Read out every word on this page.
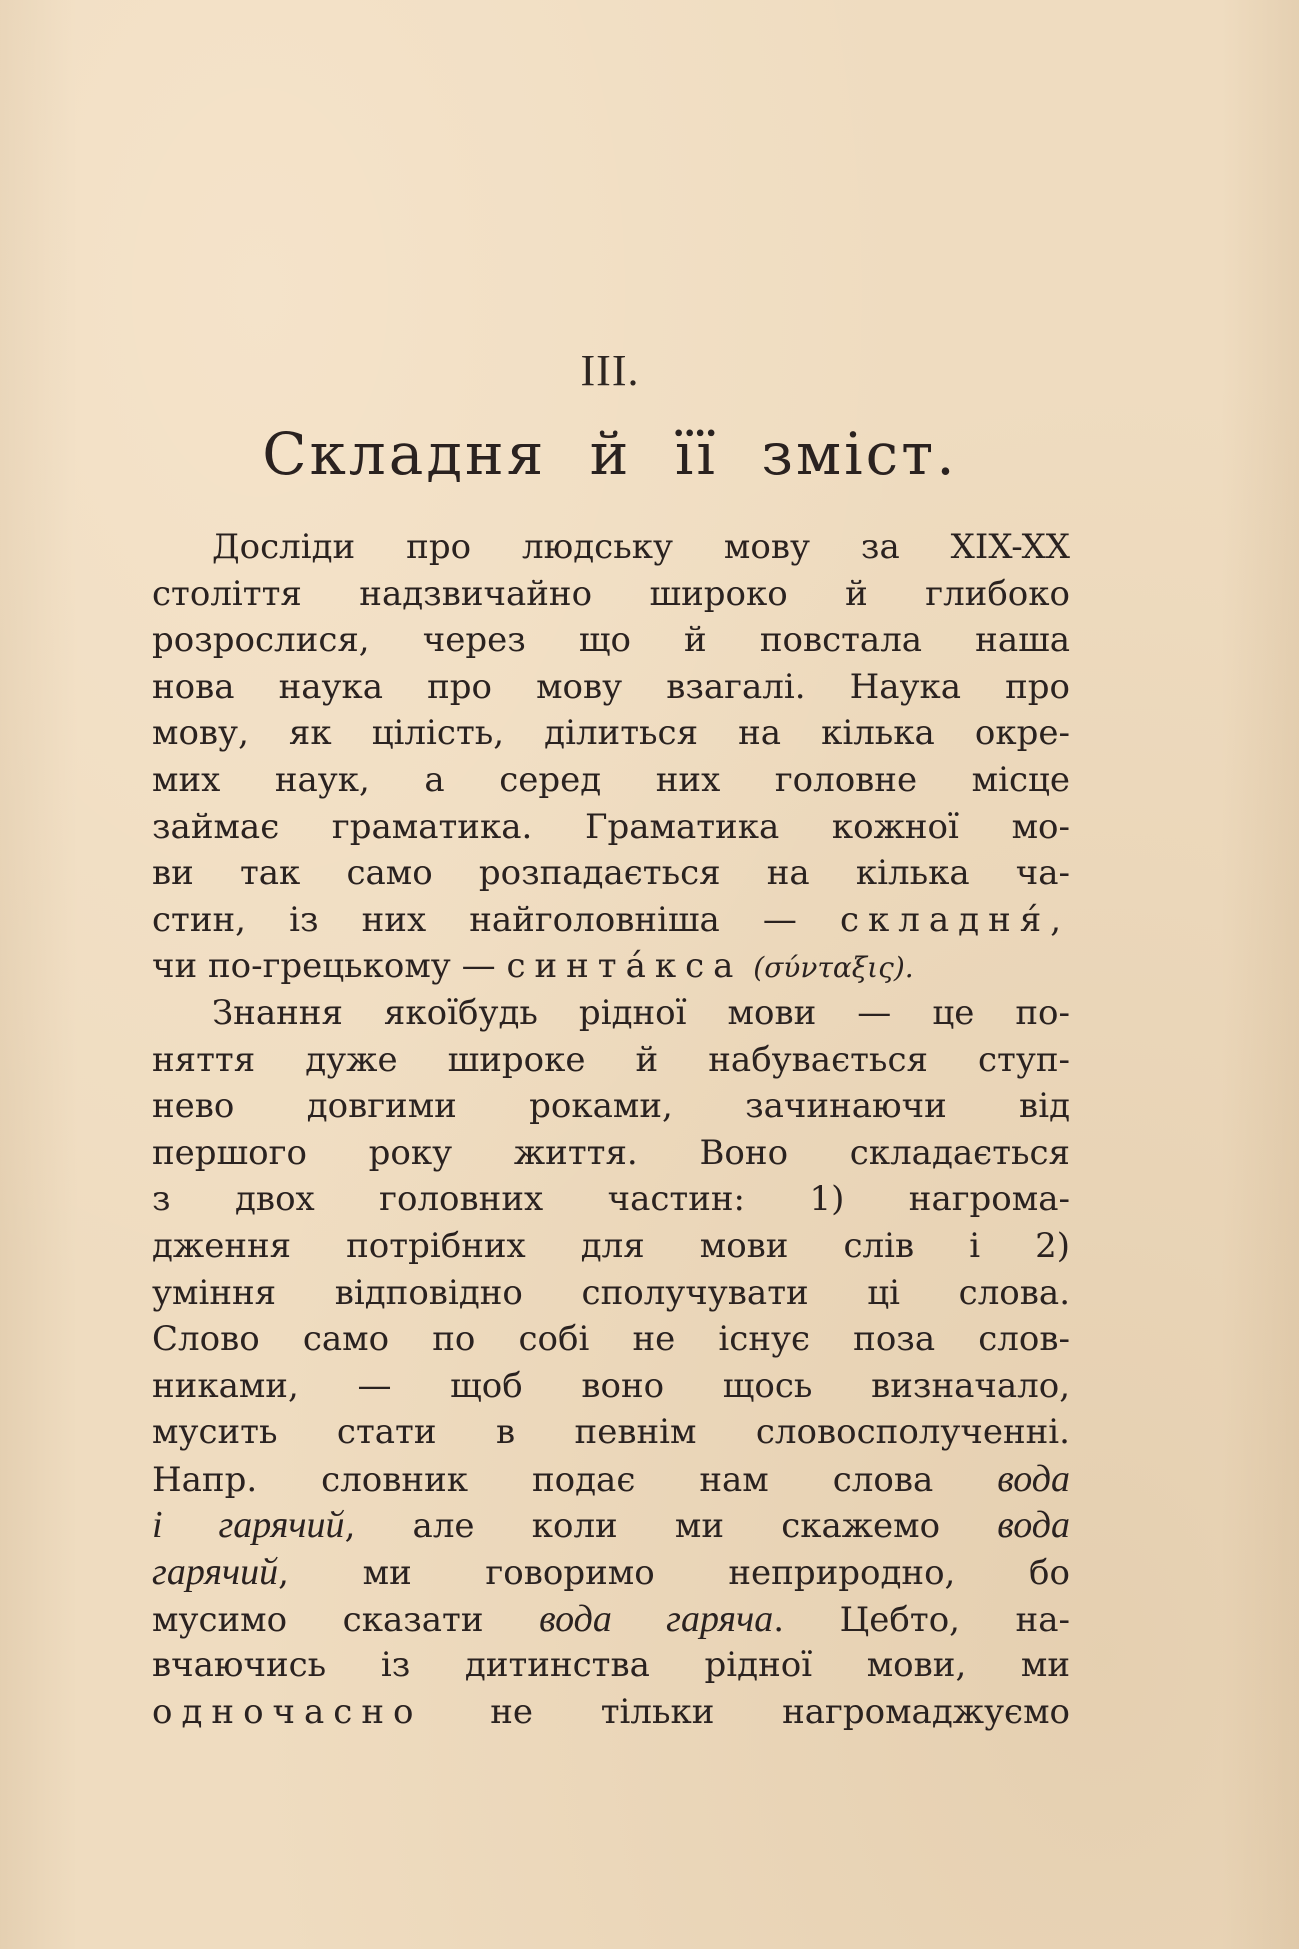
III.
Складня й її зміст.
Досліди про людську мову за XIX-XX
століття надзвичайно широко й глибоко
розрослися, через що й повстала наша
нова наука про мову взагалі. Наука про
мову, як цілість, ділиться на кілька окре-
мих наук, а серед них головне місце
займає граматика. Граматика кожної мо-
ви так само розпадається на кілька ча-
стин, із них найголовніша — складня́,
чи по-грецькому — синта́кса (σύνταξις).
Знання якоїбудь рідної мови — це по-
няття дуже широке й набувається ступ-
нево довгими роками, зачинаючи від
першого року життя. Воно складається
з двох головних частин: 1) нагрома-
дження потрібних для мови слів і 2)
уміння відповідно сполучувати ці слова.
Слово само по собі не існує поза слов-
никами, — щоб воно щось визначало,
мусить стати в певнім словосполученні.
Напр. словник подає нам слова вода
і гарячий, але коли ми скажемо вода
гарячий, ми говоримо неприродно, бо
мусимо сказати вода гаряча. Цебто, на-
вчаючись із дитинства рідної мови, ми
одночасно не тільки нагромаджуємо
